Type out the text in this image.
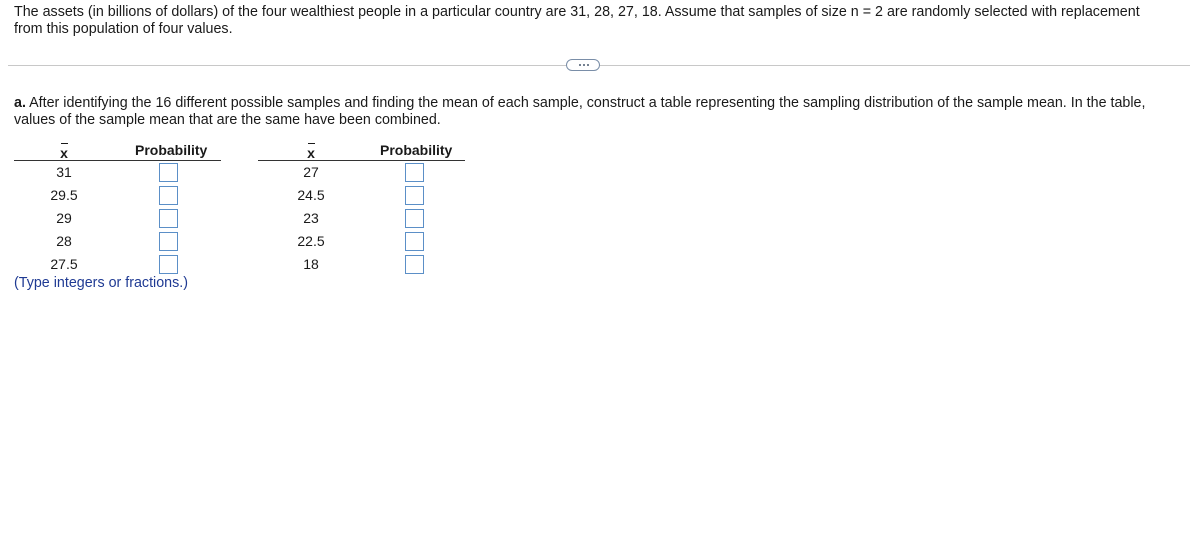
The assets (in billions of dollars) of the four wealthiest people in a particular country are 31, 28, 27, 18. Assume that samples of size n = 2 are randomly selected with replacement from this population of four values.
a. After identifying the 16 different possible samples and finding the mean of each sample, construct a table representing the sampling distribution of the sample mean. In the table, values of the sample mean that are the same have been combined.
x	Probability
31
29.5
29
28
27.5
x	Probability
27
24.5
23
22.5
18
(Type integers or fractions.)
